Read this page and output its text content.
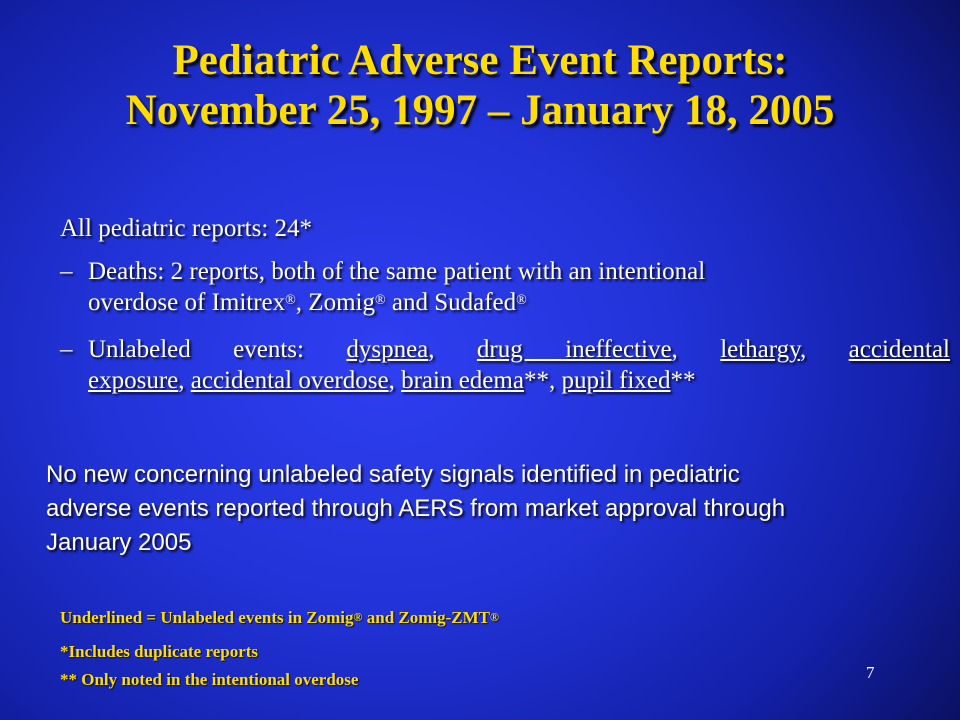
Pediatric Adverse Event Reports:
November 25, 1997 – January 18, 2005
All pediatric reports: 24*
– Deaths: 2 reports, both of the same patient with an intentional
overdose of Imitrex®, Zomig® and Sudafed®
– Unlabeled events: dyspnea, drug ineffective, lethargy, accidental
exposure, accidental overdose, brain edema**, pupil fixed**
No new concerning unlabeled safety signals identified in pediatric
adverse events reported through AERS from market approval through
January 2005
Underlined = Unlabeled events in Zomig® and Zomig-ZMT®
*Includes duplicate reports
** Only noted in the intentional overdose	7
